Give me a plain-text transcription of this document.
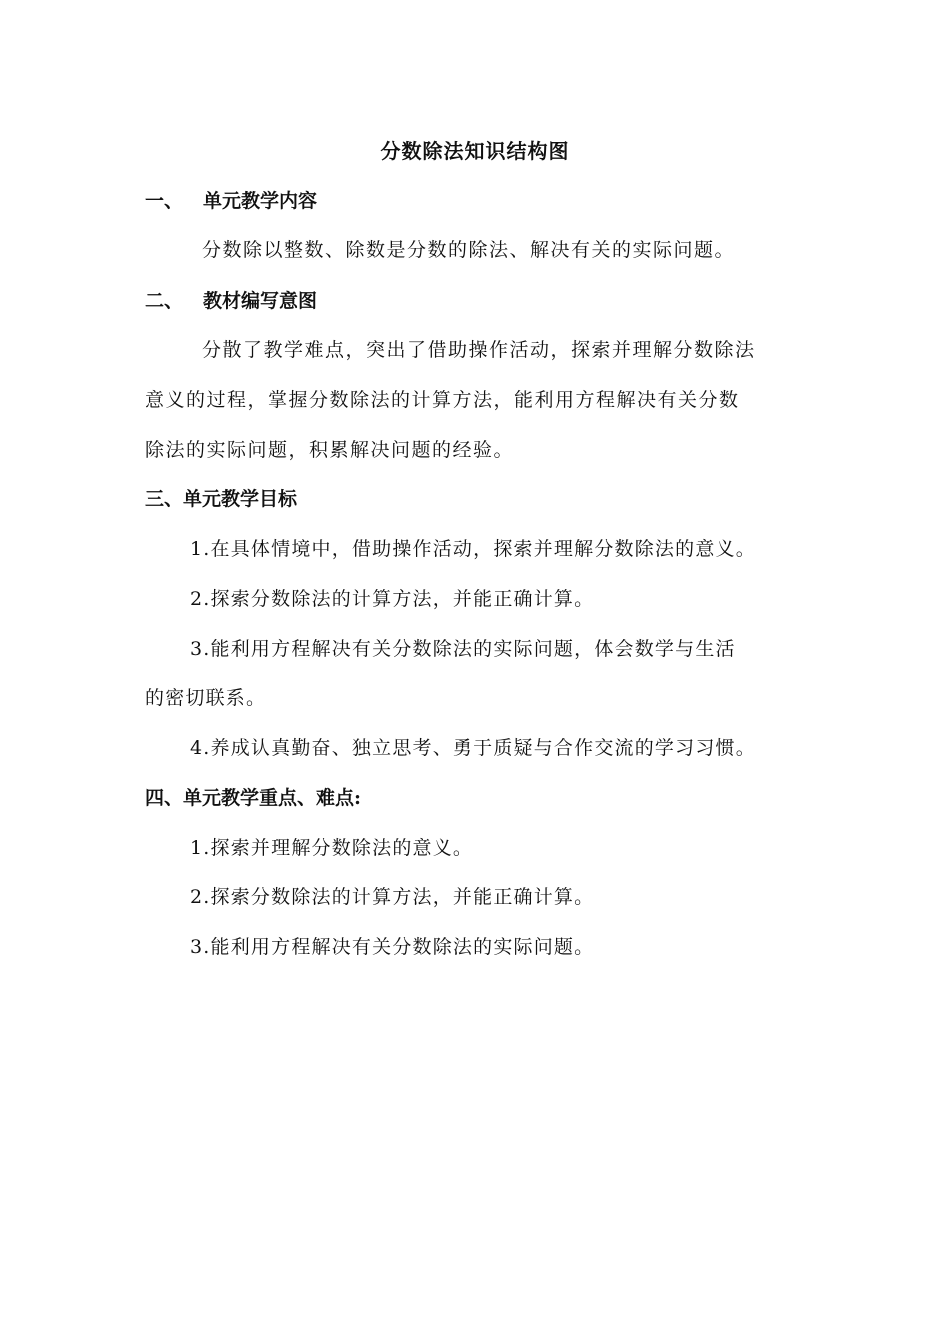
分数除法知识结构图
一、 单元教学内容
分数除以整数、除数是分数的除法、解决有关的实际问题。
二、 教材编写意图
分散了教学难点，突出了借助操作活动，探索并理解分数除法
意义的过程，掌握分数除法的计算方法，能利用方程解决有关分数
除法的实际问题，积累解决问题的经验。
三、单元教学目标
1.在具体情境中，借助操作活动，探索并理解分数除法的意义。
2.探索分数除法的计算方法，并能正确计算。
3.能利用方程解决有关分数除法的实际问题，体会数学与生活
的密切联系。
4.养成认真勤奋、独立思考、勇于质疑与合作交流的学习习惯。
四、单元教学重点、难点:
1.探索并理解分数除法的意义。
2.探索分数除法的计算方法，并能正确计算。
3.能利用方程解决有关分数除法的实际问题。
